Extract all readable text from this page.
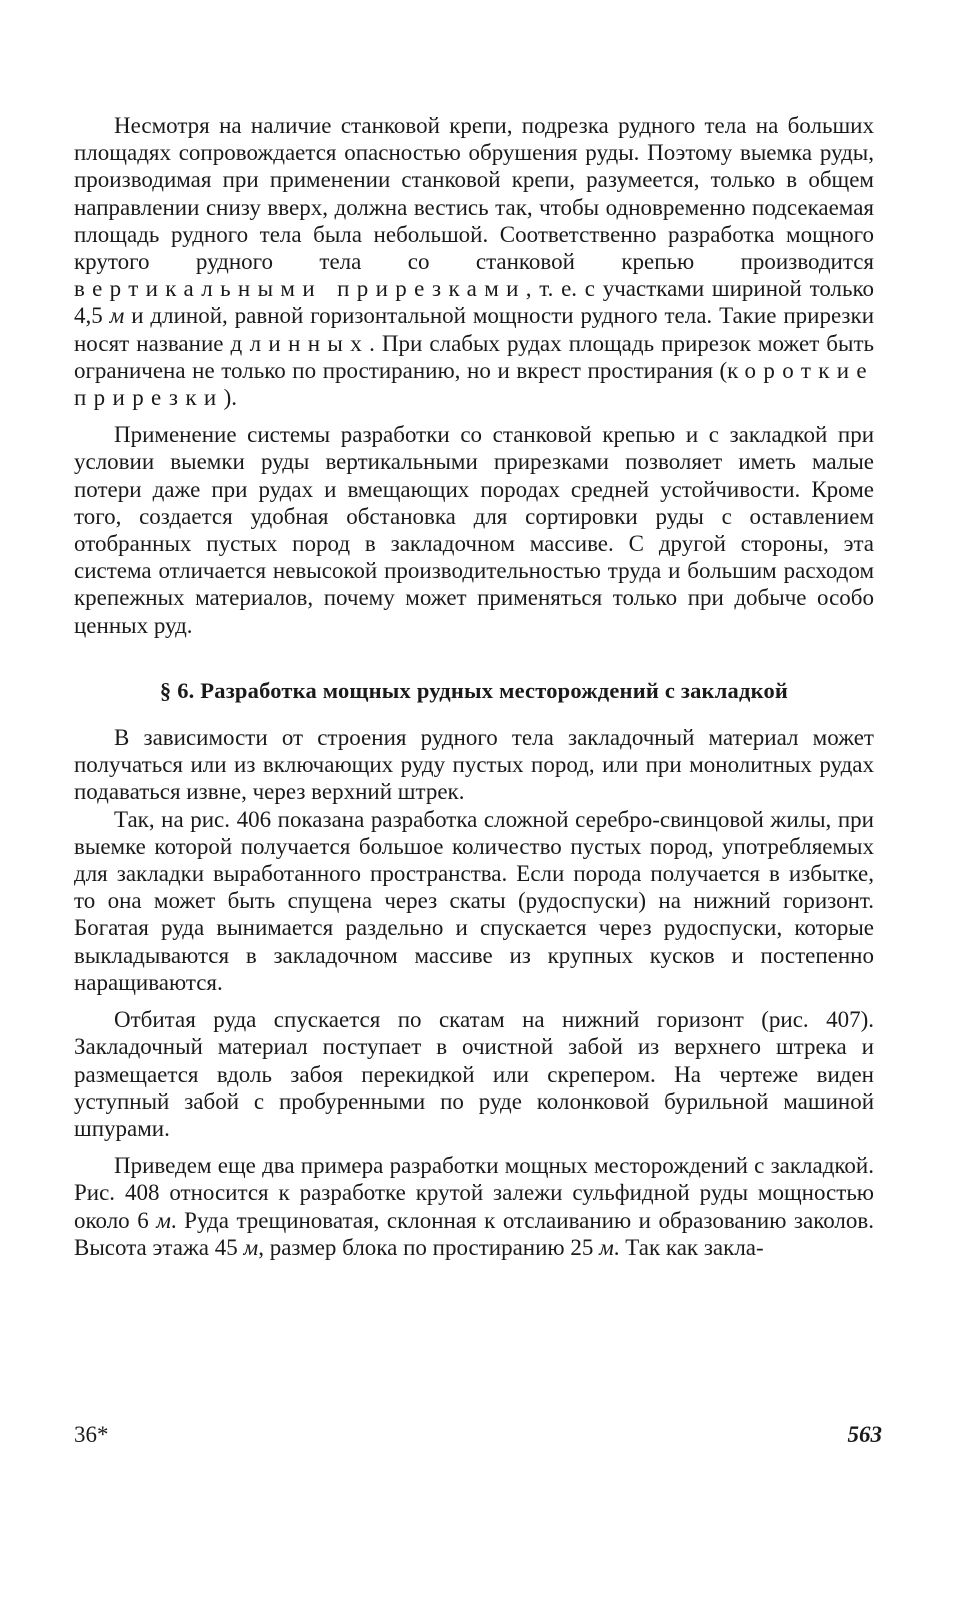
Несмотря на наличие станковой крепи, подрезка рудного тела на больших площадях сопровождается опасностью обрушения руды. Поэтому выемка руды, производимая при применении станковой крепи, разумеется, только в общем направлении снизу вверх, должна вестись так, чтобы одновременно подсекаемая площадь рудного тела была небольшой. Соответственно разработка мощного крутого рудного тела со станковой крепью производится вертикальными прирезками, т. е. с участками шириной только 4,5 м и длиной, равной горизонтальной мощности рудного тела. Такие прирезки носят название длинных. При слабых рудах площадь прирезок может быть ограничена не только по простиранию, но и вкрест простирания (короткие прирезки).

Применение системы разработки со станковой крепью и с закладкой при условии выемки руды вертикальными прирезками позволяет иметь малые потери даже при рудах и вмещающих породах средней устойчивости. Кроме того, создается удобная обстановка для сортировки руды с оставлением отобранных пустых пород в закладочном массиве. С другой стороны, эта система отличается невысокой производительностью труда и большим расходом крепежных материалов, почему может применяться только при добыче особо ценных руд.

§ 6. Разработка мощных рудных месторождений с закладкой

В зависимости от строения рудного тела закладочный материал может получаться или из включающих руду пустых пород, или при монолитных рудах подаваться извне, через верхний штрек.

Так, на рис. 406 показана разработка сложной серебро-свинцовой жилы, при выемке которой получается большое количество пустых пород, употребляемых для закладки выработанного пространства. Если порода получается в избытке, то она может быть спущена через скаты (рудоспуски) на нижний горизонт. Богатая руда вынимается раздельно и спускается через рудоспуски, которые выкладываются в закладочном массиве из крупных кусков и постепенно наращиваются.

Отбитая руда спускается по скатам на нижний горизонт (рис. 407). Закладочный материал поступает в очистной забой из верхнего штрека и размещается вдоль забоя перекидкой или скрепером. На чертеже виден уступный забой с пробуренными по руде колонковой бурильной машиной шпурами.

Приведем еще два примера разработки мощных месторождений с закладкой. Рис. 408 относится к разработке крутой залежи сульфидной руды мощностью около 6 м. Руда трещиноватая, склонная к отслаиванию и образованию заколов. Высота этажа 45 м, размер блока по простиранию 25 м. Так как закла-

36*	563
